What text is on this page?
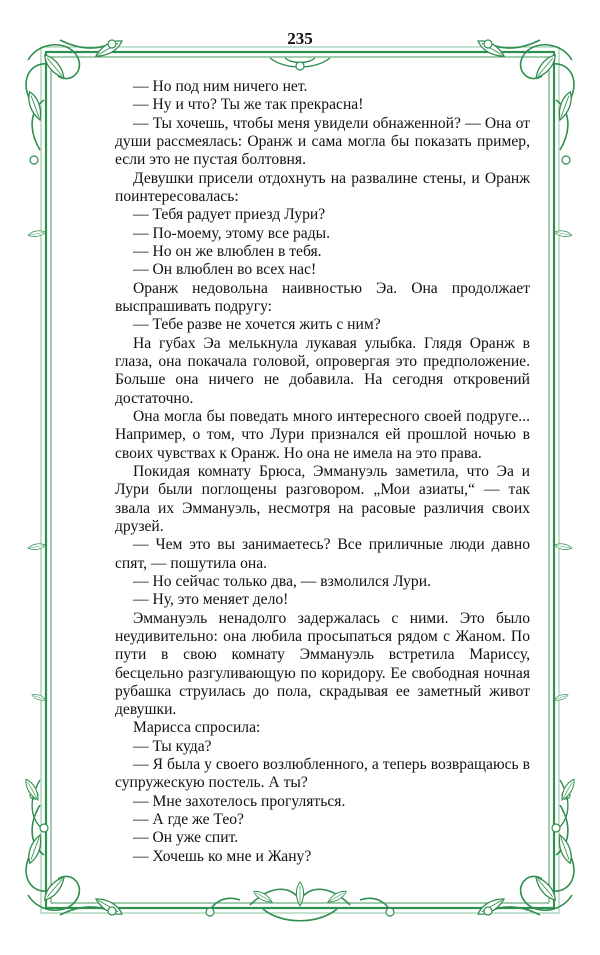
235

— Но под ним ничего нет.

— Ну и что? Ты же так прекрасна!

— Ты хочешь, чтобы меня увидели обнаженной? — Она от души рассмеялась: Оранж и сама могла бы показать пример, если это не пустая болтовня.

Девушки присели отдохнуть на развалине стены, и Оранж поинтересовалась:

— Тебя радует приезд Лури?

— По-моему, этому все рады.

— Но он же влюблен в тебя.

— Он влюблен во всех нас!

Оранж недовольна наивностью Эа. Она продолжает выспрашивать подругу:

— Тебе разве не хочется жить с ним?

На губах Эа мелькнула лукавая улыбка. Глядя Оранж в глаза, она покачала головой, опровергая это предположение. Больше она ничего не добавила. На сегодня откровений достаточно.

Она могла бы поведать много интересного своей подруге... Например, о том, что Лури признался ей прошлой ночью в своих чувствах к Оранж. Но она не имела на это права.

Покидая комнату Брюса, Эммануэль заметила, что Эа и Лури были поглощены разговором. „Мои азиаты,“ — так звала их Эммануэль, несмотря на расовые различия своих друзей.

— Чем это вы занимаетесь? Все приличные люди давно спят, — пошутила она.

— Но сейчас только два, — взмолился Лури.

— Ну, это меняет дело!

Эммануэль ненадолго задержалась с ними. Это было неудивительно: она любила просыпаться рядом с Жаном. По пути в свою комнату Эммануэль встретила Мариссу, бесцельно разгуливающую по коридору. Ее свободная ночная рубашка струилась до пола, скрадывая ее заметный живот девушки.

Марисса спросила:

— Ты куда?

— Я была у своего возлюбленного, а теперь возвращаюсь в супружескую постель. А ты?

— Мне захотелось прогуляться.

— А где же Тео?

— Он уже спит.

— Хочешь ко мне и Жану?
